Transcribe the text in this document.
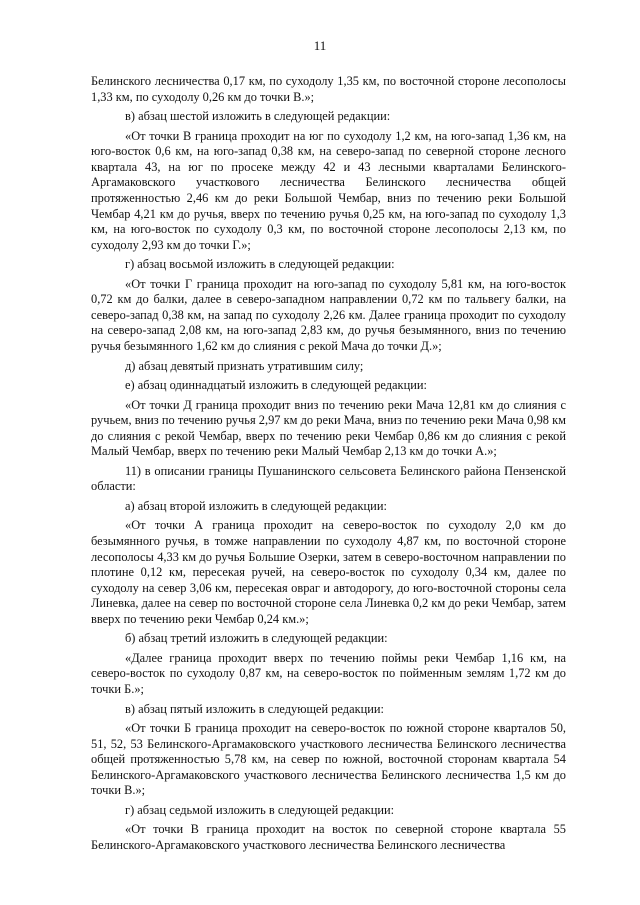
11

Белинского лесничества 0,17 км, по суходолу 1,35 км, по восточной стороне лесополосы 1,33 км, по суходолу 0,26 км до точки В.»;

в) абзац шестой изложить в следующей редакции:

«От точки В граница проходит на юг по суходолу 1,2 км, на юго-запад 1,36 км, на юго-восток 0,6 км, на юго-запад 0,38 км, на северо-запад по северной стороне лесного квартала 43, на юг по просеке между 42 и 43 лесными кварталами Белинского-Аргамаковского участкового лесничества Белинского лесничества общей протяженностью 2,46 км до реки Большой Чембар, вниз по течению реки Большой Чембар 4,21 км до ручья, вверх по течению ручья 0,25 км, на юго-запад по суходолу 1,3 км, на юго-восток по суходолу 0,3 км, по восточной стороне лесополосы 2,13 км, по суходолу 2,93 км до точки Г.»;

г) абзац восьмой изложить в следующей редакции:

«От точки Г граница проходит на юго-запад по суходолу 5,81 км, на юго-восток 0,72 км до балки, далее в северо-западном направлении 0,72 км по тальвегу балки, на северо-запад 0,38 км, на запад по суходолу 2,26 км. Далее граница проходит по суходолу на северо-запад 2,08 км, на юго-запад 2,83 км, до ручья безымянного, вниз по течению ручья безымянного 1,62 км до слияния с рекой Мача до точки Д.»;

д) абзац девятый признать утратившим силу;

е) абзац одиннадцатый изложить в следующей редакции:

«От точки Д граница проходит вниз по течению реки Мача 12,81 км до слияния с ручьем, вниз по течению ручья 2,97 км до реки Мача, вниз по течению реки Мача 0,98 км до слияния с рекой Чембар, вверх по течению реки Чембар 0,86 км до слияния с рекой Малый Чембар, вверх по течению реки Малый Чембар 2,13 км до точки А.»;

11) в описании границы Пушанинского сельсовета Белинского района Пензенской области:

а) абзац второй изложить в следующей редакции:

«От точки А граница проходит на северо-восток по суходолу 2,0 км до безымянного ручья, в томже направлении по суходолу 4,87 км, по восточной стороне лесополосы 4,33 км до ручья Большие Озерки, затем в северо-восточном направлении по плотине 0,12 км, пересекая ручей, на северо-восток по суходолу 0,34 км, далее по суходолу на север 3,06 км, пересекая овраг и автодорогу, до юго-восточной стороны села Линевка, далее на север по восточной стороне села Линевка 0,2 км до реки Чембар, затем вверх по течению реки Чембар 0,24 км.»;

б) абзац третий изложить в следующей редакции:

«Далее граница проходит вверх по течению поймы реки Чембар 1,16 км, на северо-восток по суходолу 0,87 км, на северо-восток по пойменным землям 1,72 км до точки Б.»;

в) абзац пятый изложить в следующей редакции:

«От точки Б граница проходит на северо-восток по южной стороне кварталов 50, 51, 52, 53 Белинского-Аргамаковского участкового лесничества Белинского лесничества общей протяженностью 5,78 км, на север по южной, восточной сторонам квартала 54 Белинского-Аргамаковского участкового лесничества Белинского лесничества 1,5 км до точки В.»;

г) абзац седьмой изложить в следующей редакции:

«От точки В граница проходит на восток по северной стороне квартала 55 Белинского-Аргамаковского участкового лесничества Белинского лесничества
